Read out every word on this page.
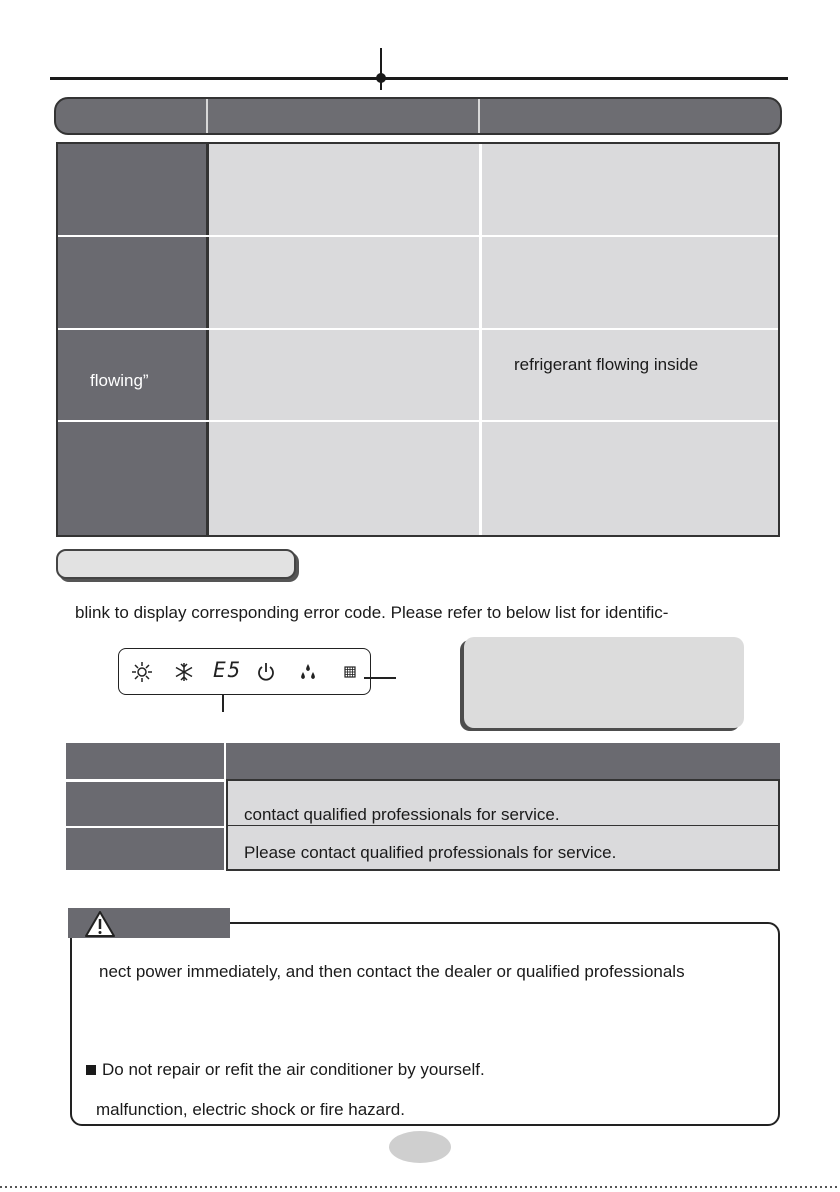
flowing”
refrigerant flowing inside
blink to display corresponding error code. Please refer to below list for identific-
E5
contact qualified professionals for service.
Please contact qualified professionals for service.
nect power immediately, and then contact the dealer or qualified professionals
Do not repair or refit the air conditioner by yourself.
malfunction, electric shock or fire hazard.
